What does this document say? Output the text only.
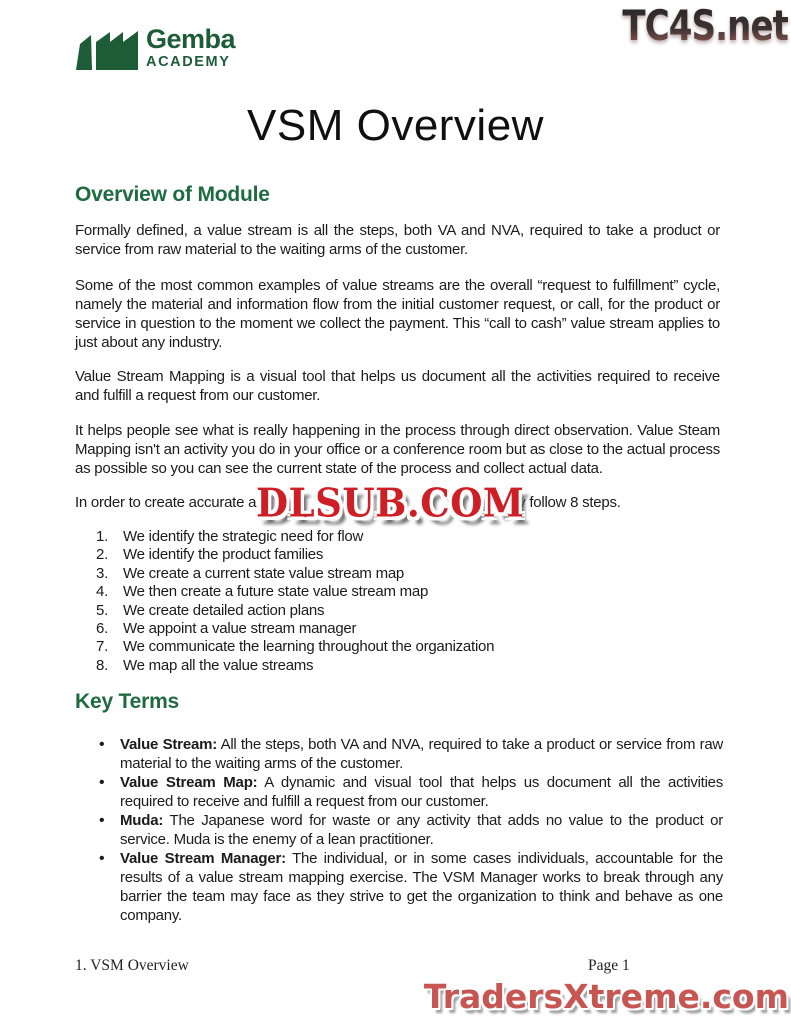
Gemba
ACADEMY
TC4S.net
VSM Overview
Overview of Module

Formally defined, a value stream is all the steps, both VA and NVA, required to take a product or service from raw material to the waiting arms of the customer.

Some of the most common examples of value streams are the overall “request to fulfillment” cycle, namely the material and information flow from the initial customer request, or call, for the product or service in question to the moment we collect the payment. This “call to cash” value stream applies to just about any industry.

Value Stream Mapping is a visual tool that helps us document all the activities required to receive and fulfill a request from our customer.

It helps people see what is really happening in the process through direct observation. Value Steam Mapping isn't an activity you do in your office or a conference room but as close to the actual process as possible so you can see the current state of the process and collect actual data.

In order to create accurate a	y follow 8 steps.

DLSUB.COM
We identify the strategic need for flow
We identify the product families
We create a current state value stream map
We then create a future state value stream map
We create detailed action plans
We appoint a value stream manager
We communicate the learning throughout the organization
We map all the value streams
Key Terms
• Value Stream: All the steps, both VA and NVA, required to take a product or service from raw material to the waiting arms of the customer.
• Value Stream Map: A dynamic and visual tool that helps us document all the activities required to receive and fulfill a request from our customer.
• Muda: The Japanese word for waste or any activity that adds no value to the product or service. Muda is the enemy of a lean practitioner.
• Value Stream Manager: The individual, or in some cases individuals, accountable for the results of a value stream mapping exercise. The VSM Manager works to break through any barrier the team may face as they strive to get the organization to think and behave as one company.
1. VSM Overview	Page 1
TradersXtreme.com
